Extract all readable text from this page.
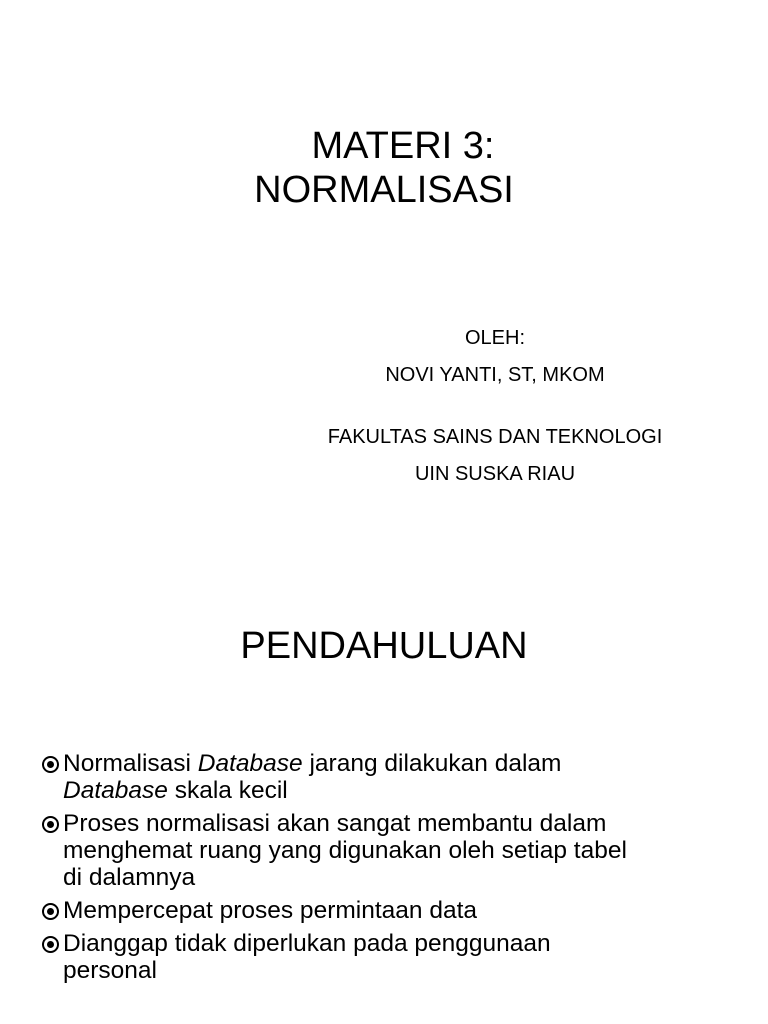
MATERI 3:
NORMALISASI
OLEH:
NOVI YANTI, ST, MKOM
FAKULTAS SAINS DAN TEKNOLOGI
UIN SUSKA RIAU
PENDAHULUAN
Normalisasi Database jarang dilakukan dalam
Database skala kecil
Proses normalisasi akan sangat membantu dalam
menghemat ruang yang digunakan oleh setiap tabel
di dalamnya
Mempercepat proses permintaan data
Dianggap tidak diperlukan pada penggunaan
personal
